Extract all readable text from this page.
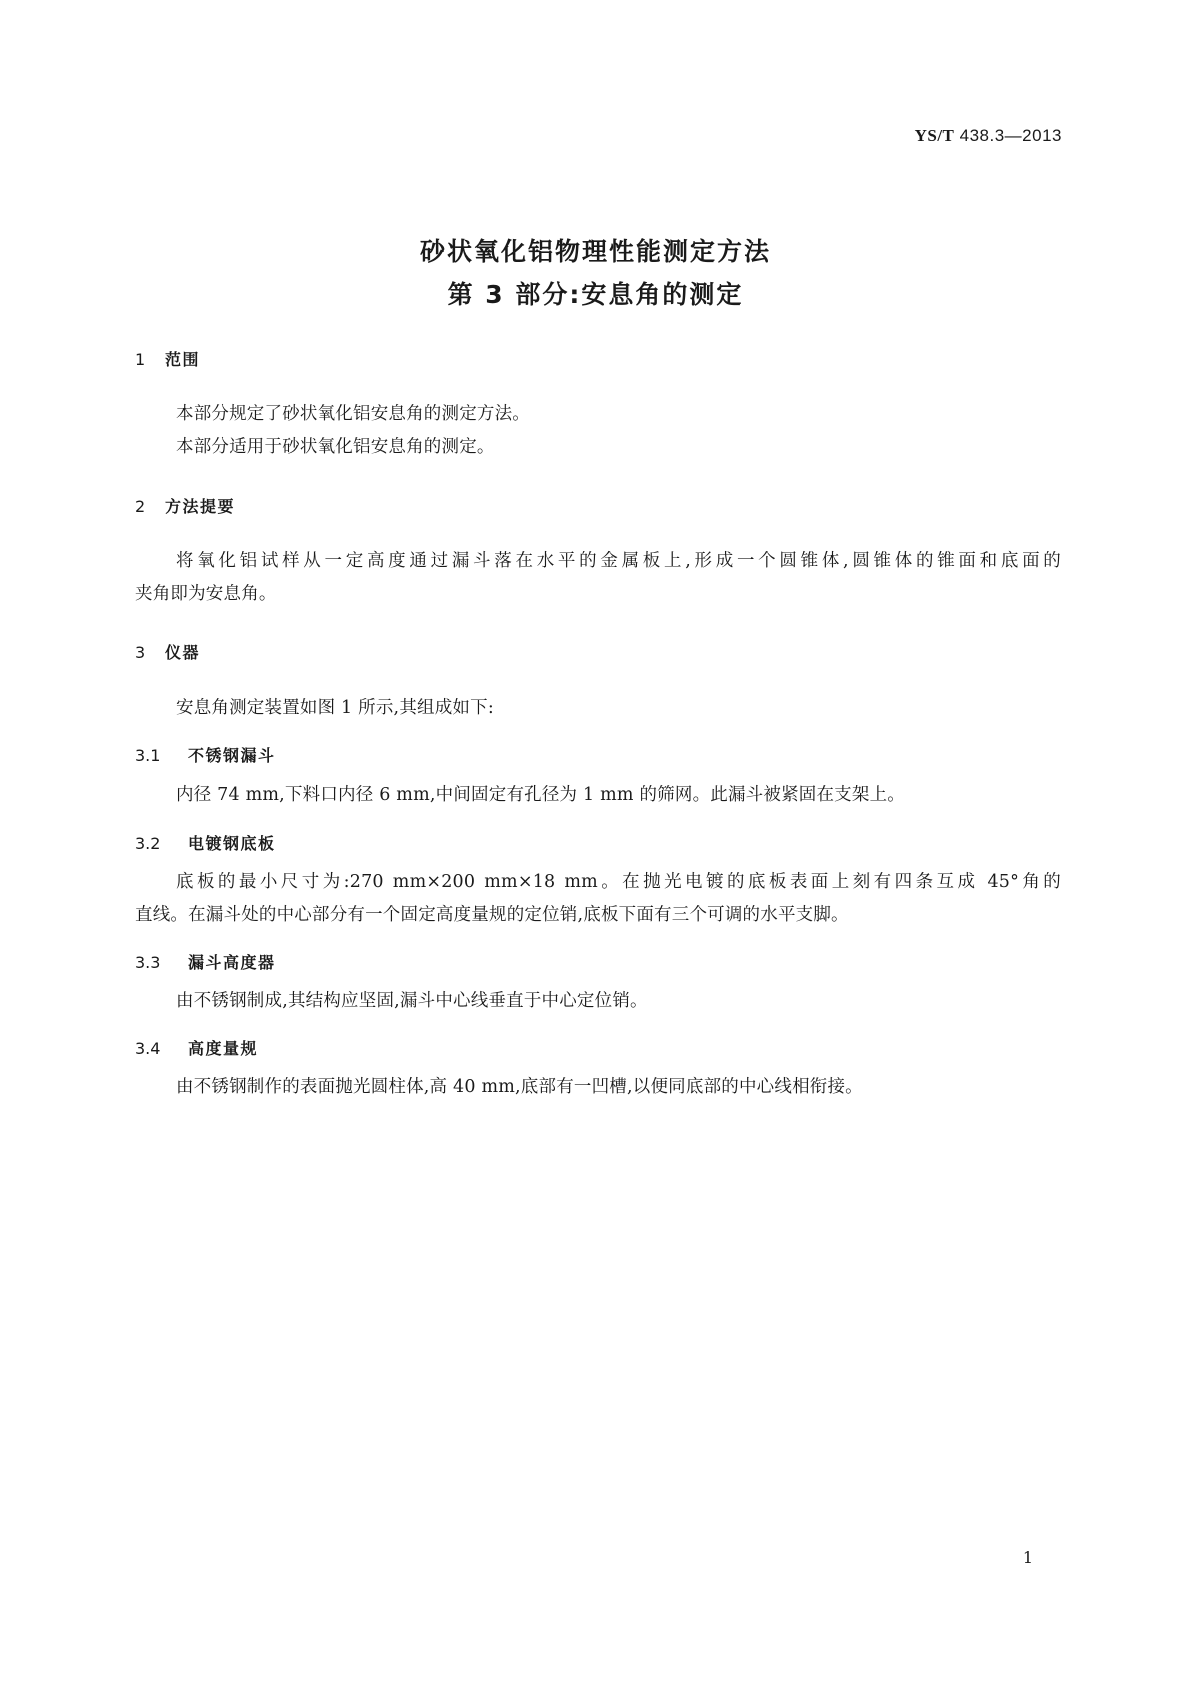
YS/T 438.3—2013
砂状氧化铝物理性能测定方法
第 3 部分:安息角的测定
1 范围
本部分规定了砂状氧化铝安息角的测定方法。
本部分适用于砂状氧化铝安息角的测定。
2 方法提要
将氧化铝试样从一定高度通过漏斗落在水平的金属板上,形成一个圆锥体,圆锥体的锥面和底面的
夹角即为安息角。
3 仪器
安息角测定装置如图 1 所示,其组成如下:
3.1 不锈钢漏斗
内径 74 mm,下料口内径 6 mm,中间固定有孔径为 1 mm 的筛网。此漏斗被紧固在支架上。
3.2 电镀钢底板
底板的最小尺寸为:270 mm×200 mm×18 mm。在抛光电镀的底板表面上刻有四条互成 45°角的
直线。在漏斗处的中心部分有一个固定高度量规的定位销,底板下面有三个可调的水平支脚。
3.3 漏斗高度器
由不锈钢制成,其结构应坚固,漏斗中心线垂直于中心定位销。
3.4 高度量规
由不锈钢制作的表面抛光圆柱体,高 40 mm,底部有一凹槽,以便同底部的中心线相衔接。
1
